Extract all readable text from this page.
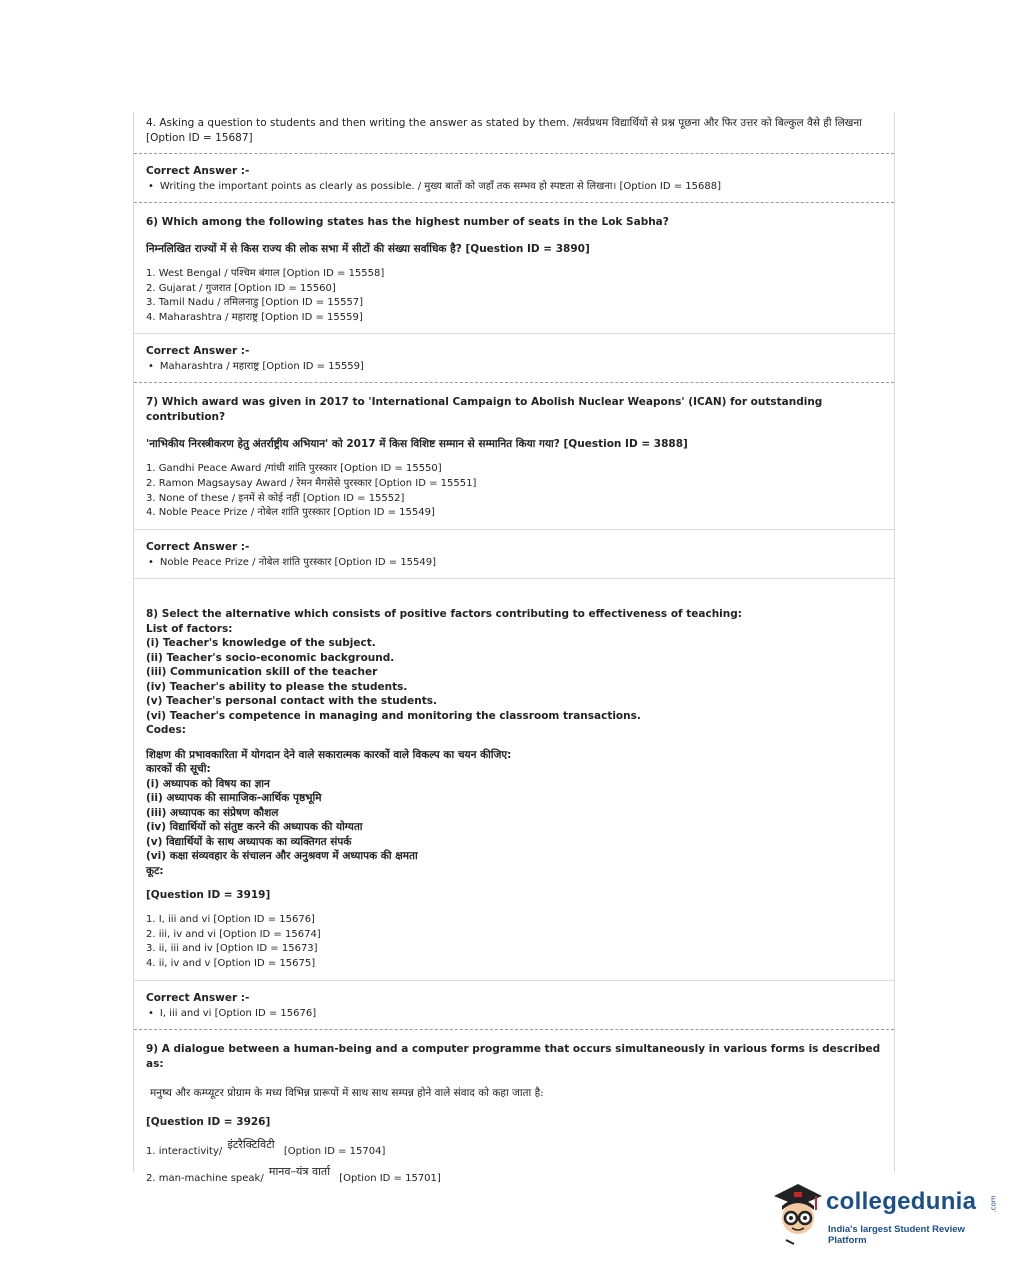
4. Asking a question to students and then writing the answer as stated by them. /सर्वप्रथम विद्यार्थियों से प्रश्न पूछना और फिर उत्तर को बिल्कुल वैसे ही लिखना [Option ID = 15687]
Correct Answer :-
• Writing the important points as clearly as possible. / मुख्य बातों को जहाँ तक सम्भव हो स्पष्टता से लिखना। [Option ID = 15688]
6) Which among the following states has the highest number of seats in the Lok Sabha?
निम्नलिखित राज्यों में से किस राज्य की लोक सभा में सीटों की संख्या सर्वाधिक है? [Question ID = 3890]
1. West Bengal / पश्चिम बंगाल [Option ID = 15558]
2. Gujarat / गुजरात [Option ID = 15560]
3. Tamil Nadu / तमिलनाडु [Option ID = 15557]
4. Maharashtra / महाराष्ट्र [Option ID = 15559]
Correct Answer :-
• Maharashtra / महाराष्ट्र [Option ID = 15559]
7) Which award was given in 2017 to 'International Campaign to Abolish Nuclear Weapons' (ICAN) for outstanding contribution?
'नाभिकीय निरस्त्रीकरण हेतु अंतर्राष्ट्रीय अभियान' को 2017 में किस विशिष्ट सम्मान से सम्मानित किया गया? [Question ID = 3888]
1. Gandhi Peace Award /गांधी शांति पुरस्कार [Option ID = 15550]
2. Ramon Magsaysay Award / रेमन मैगसेसे पुरस्कार [Option ID = 15551]
3. None of these / इनमें से कोई नहीं [Option ID = 15552]
4. Noble Peace Prize / नोबेल शांति पुरस्कार [Option ID = 15549]
Correct Answer :-
• Noble Peace Prize / नोबेल शांति पुरस्कार [Option ID = 15549]
8) Select the alternative which consists of positive factors contributing to effectiveness of teaching:
List of factors:
(i) Teacher's knowledge of the subject.
(ii) Teacher's socio-economic background.
(iii) Communication skill of the teacher
(iv) Teacher's ability to please the students.
(v) Teacher's personal contact with the students.
(vi) Teacher's competence in managing and monitoring the classroom transactions.
Codes:
शिक्षण की प्रभावकारिता में योगदान देने वाले सकारात्मक कारकों वाले विकल्प का चयन कीजिए:
कारकों की सूची:
(i) अध्यापक को विषय का ज्ञान
(ii) अध्यापक की सामाजिक-आर्थिक पृष्ठभूमि
(iii) अध्यापक का संप्रेषण कौशल
(iv) विद्यार्थियों को संतुष्ट करने की अध्यापक की योग्यता
(v) विद्यार्थियों के साथ अध्यापक का व्यक्तिगत संपर्क
(vi) कक्षा संव्यवहार के संचालन और अनुश्रवण में अध्यापक की क्षमता
कूट:
[Question ID = 3919]
1. I, iii and vi [Option ID = 15676]
2. iii, iv and vi [Option ID = 15674]
3. ii, iii and iv [Option ID = 15673]
4. ii, iv and v [Option ID = 15675]
Correct Answer :-
• I, iii and vi [Option ID = 15676]
9) A dialogue between a human-being and a computer programme that occurs simultaneously in various forms is described as:
मनुष्य और कम्प्यूटर प्रोग्राम के मध्य विभिन्न प्रारूपों में साथ साथ सम्पन्न होने वाले संवाद को कहा जाता है:
[Question ID = 3926]
1. interactivity/ इंटरैक्टिविटी [Option ID = 15704]
2. man-machine speak/ मानव–यंत्र वार्ता [Option ID = 15701]
collegedunia .com
India's largest Student Review Platform
